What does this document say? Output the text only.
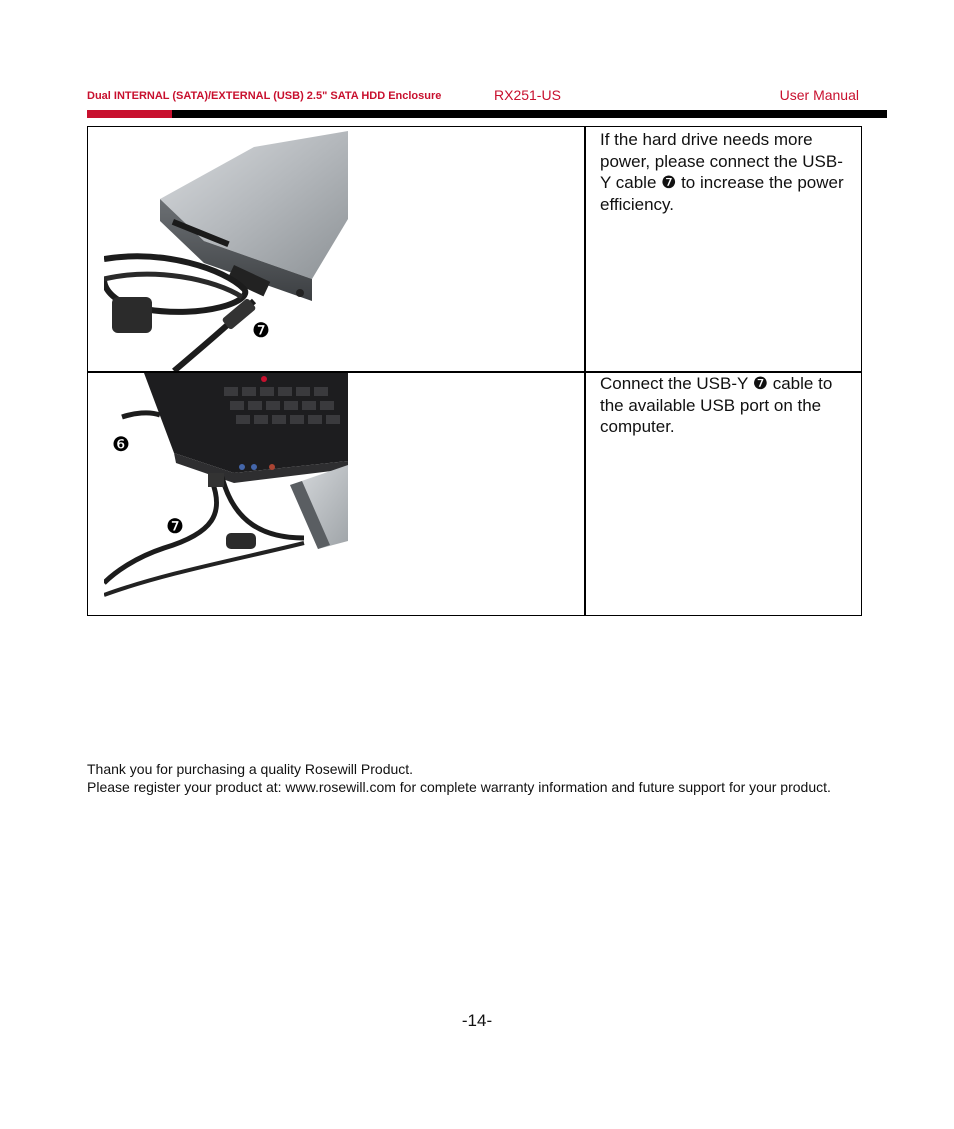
Dual INTERNAL (SATA)/EXTERNAL (USB) 2.5" SATA HDD Enclosure	RX251-US	User Manual
❼
❻
❼
If the hard drive needs more power, please connect the USB-Y cable ❼ to increase the power efficiency.
Connect the USB-Y ❼ cable to the available USB port on the computer.
Thank you for purchasing a quality Rosewill Product.
Please register your product at: www.rosewill.com for complete warranty information and future support for your product.
-14-
